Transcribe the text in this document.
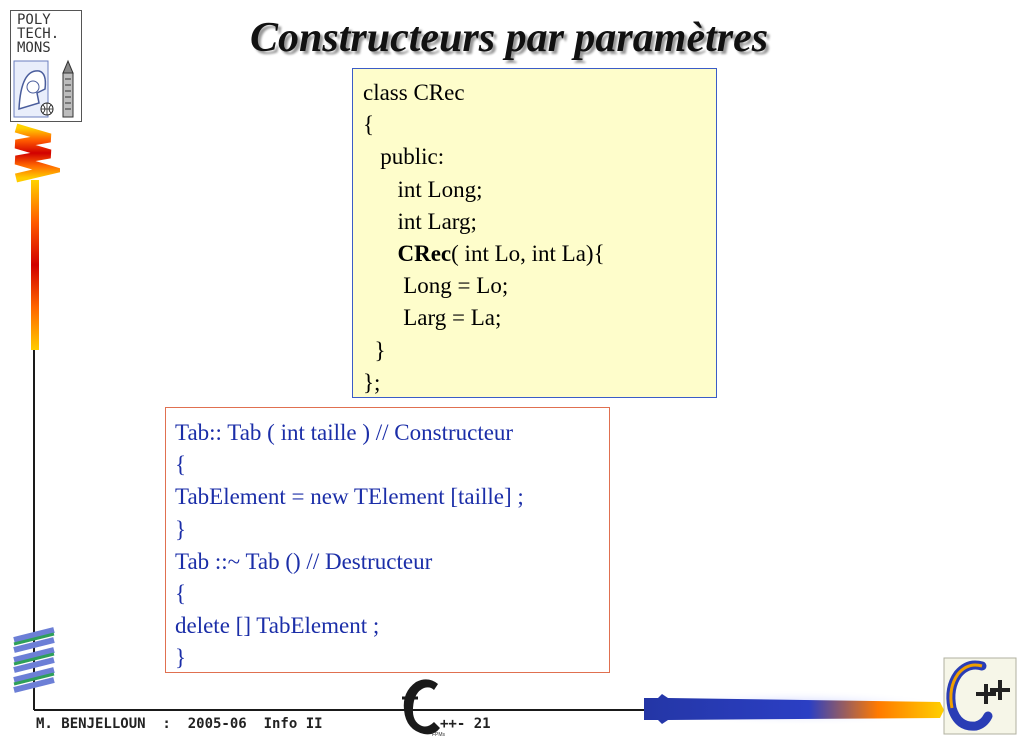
POLY
TECH.
MONS	Constructeurs par paramètres
class CRec
{
public:
int Long;
int Larg;
CRec( int Lo, int La){
Long = Lo;
Larg = La;
}
};
Tab:: Tab ( int taille ) // Constructeur
{
TabElement = new TElement [taille] ;
}
Tab ::~ Tab () // Destructeur
{
delete [] TabElement ;
}
FPMs
M. BENJELLOUN  :  2005-06  Info II	++- 21
